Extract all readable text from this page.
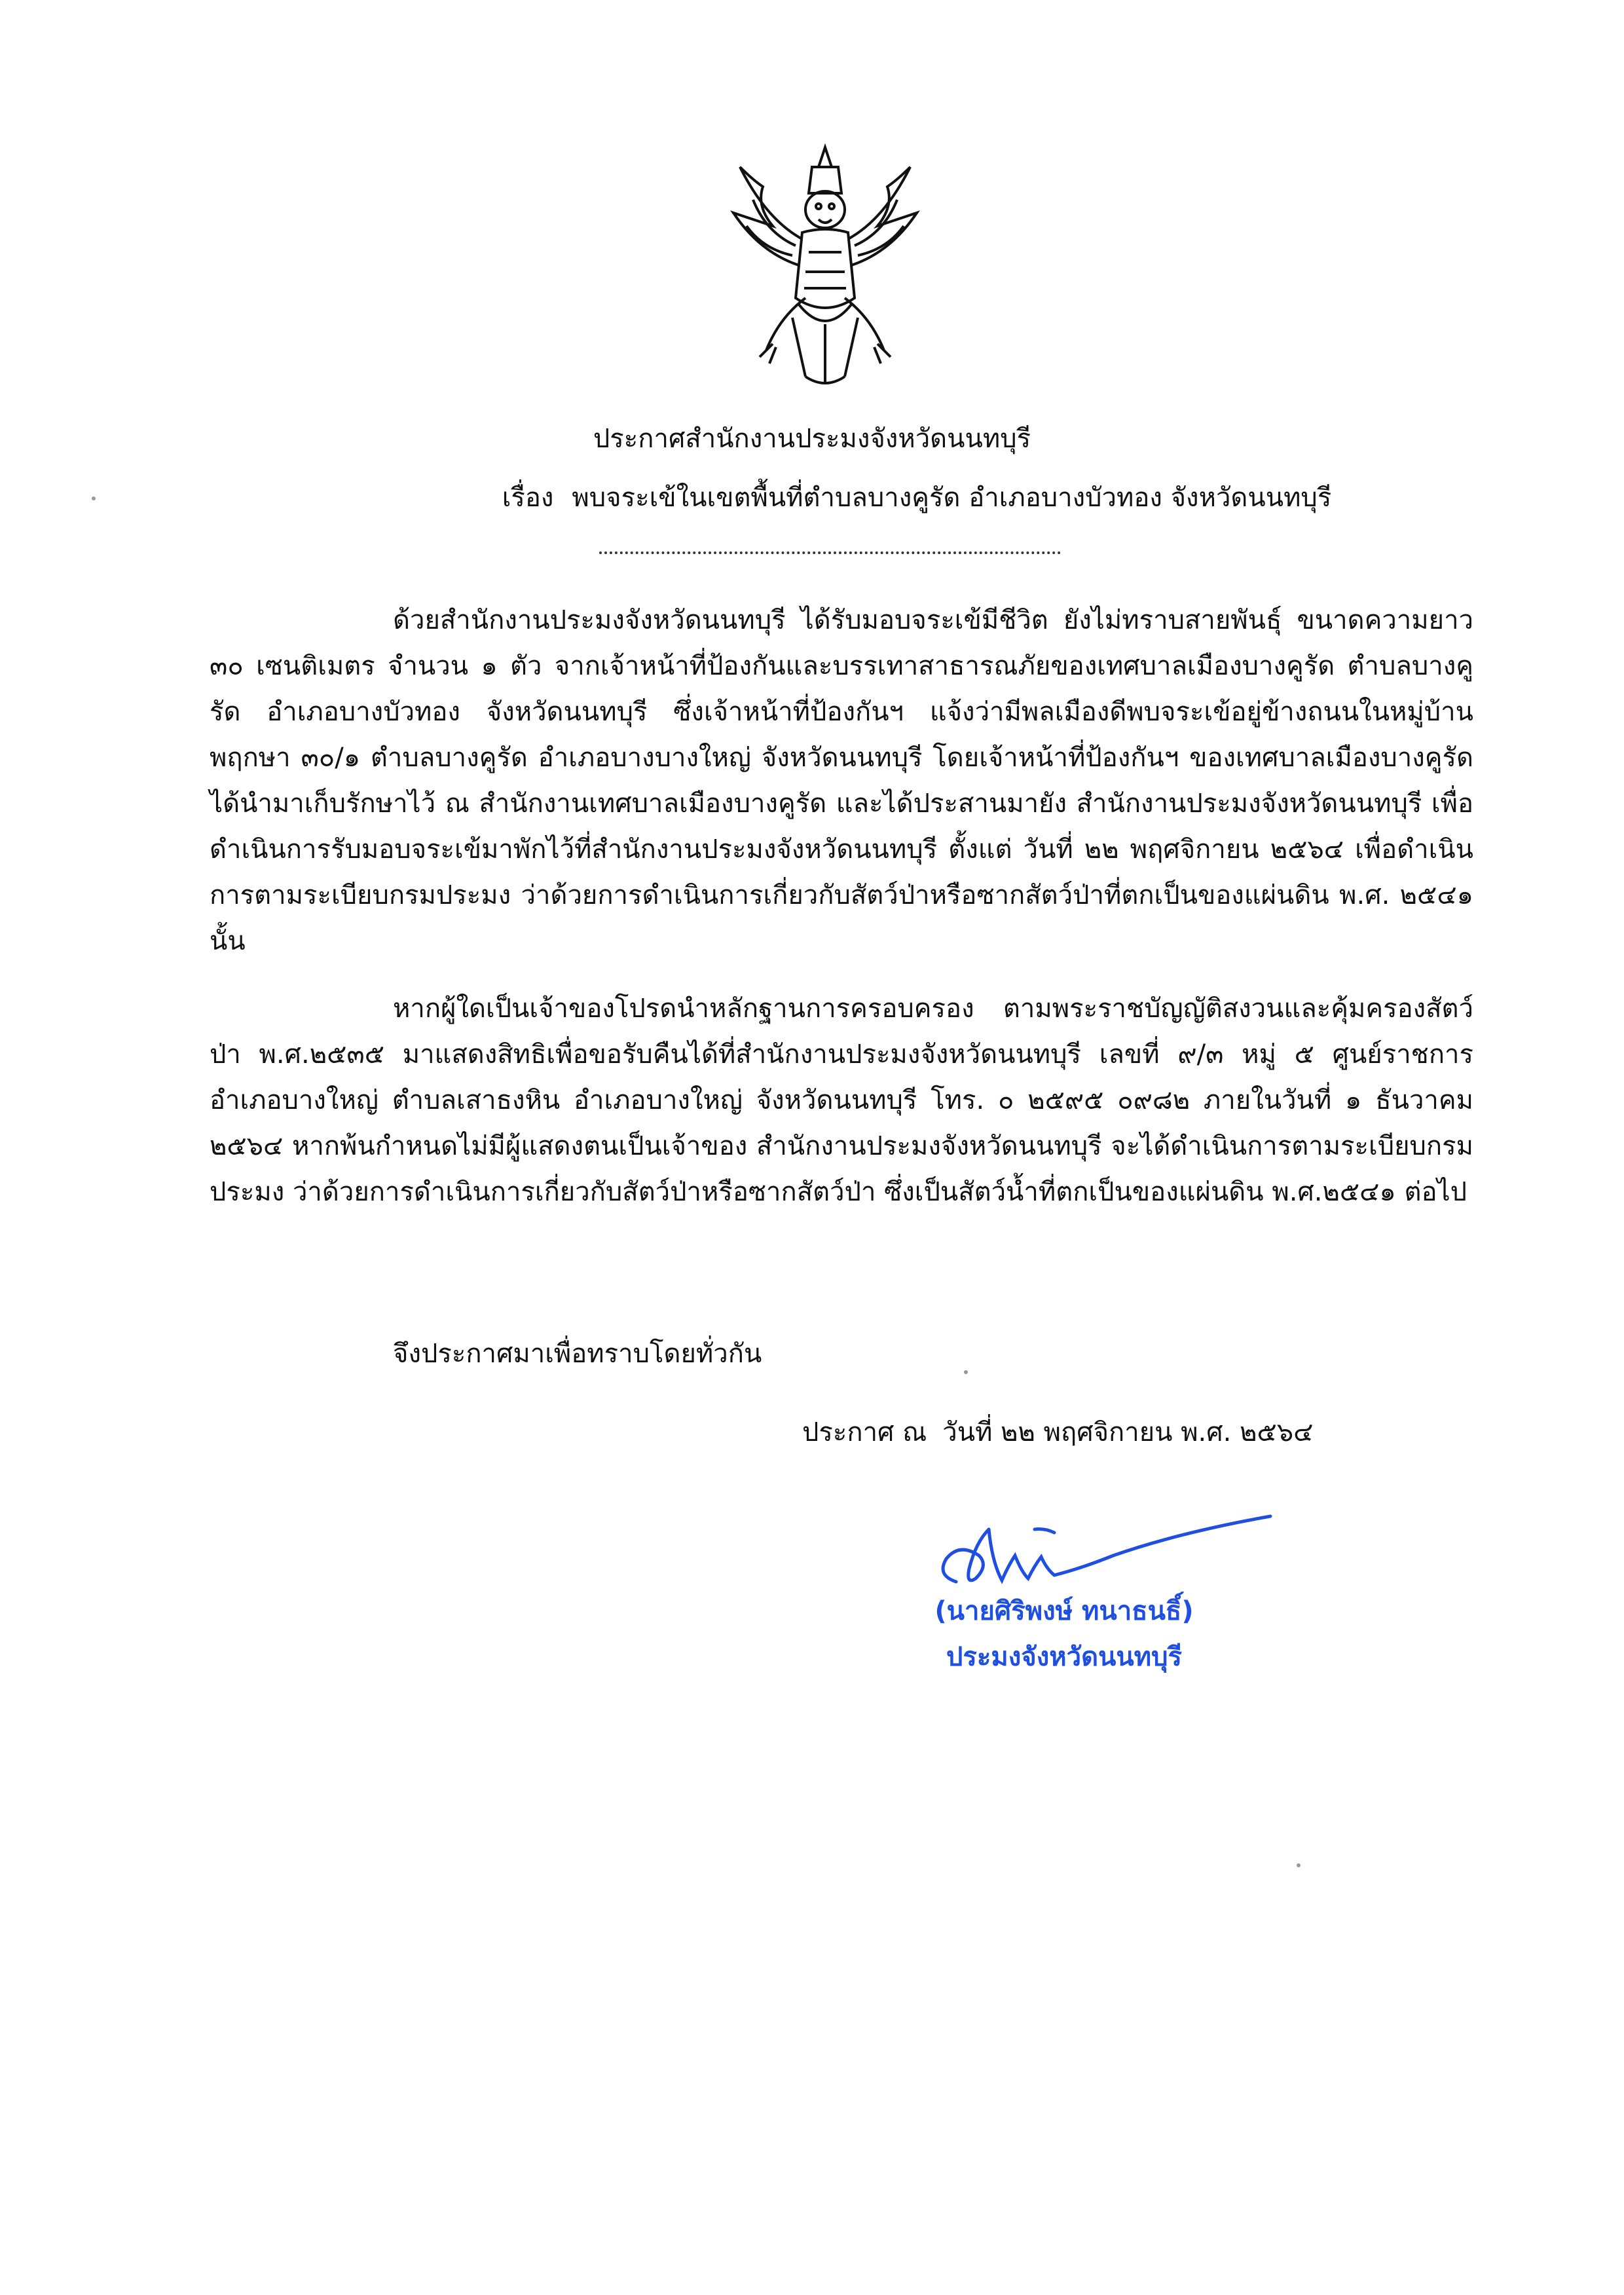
ประกาศสำนักงานประมงจังหวัดนนทบุรี
เรื่อง พบจระเข้ในเขตพื้นที่ตำบลบางคูรัด อำเภอบางบัวทอง จังหวัดนนทบุรี

ด้วยสำนักงานประมงจังหวัดนนทบุรี ได้รับมอบจระเข้มีชีวิต ยังไม่ทราบสายพันธุ์ ขนาดความยาว ๓๐ เซนติเมตร จำนวน ๑ ตัว จากเจ้าหน้าที่ป้องกันและบรรเทาสาธารณภัยของเทศบาลเมืองบางคูรัด ตำบลบางคูรัด อำเภอบางบัวทอง จังหวัดนนทบุรี ซึ่งเจ้าหน้าที่ป้องกันฯ แจ้งว่ามีพลเมืองดีพบจระเข้อยู่ข้างถนนในหมู่บ้านพฤกษา ๓๐/๑ ตำบลบางคูรัด อำเภอบางบางใหญ่ จังหวัดนนทบุรี โดยเจ้าหน้าที่ป้องกันฯ ของเทศบาลเมืองบางคูรัด ได้นำมาเก็บรักษาไว้ ณ สำนักงานเทศบาลเมืองบางคูรัด และได้ประสานมายัง สำนักงานประมงจังหวัดนนทบุรี เพื่อดำเนินการรับมอบจระเข้มาพักไว้ที่สำนักงานประมงจังหวัดนนทบุรี ตั้งแต่ วันที่ ๒๒ พฤศจิกายน ๒๕๖๔ เพื่อดำเนินการตามระเบียบกรมประมง ว่าด้วยการดำเนินการเกี่ยวกับสัตว์ป่าหรือซากสัตว์ป่าที่ตกเป็นของแผ่นดิน พ.ศ. ๒๕๔๑ นั้น

หากผู้ใดเป็นเจ้าของโปรดนำหลักฐานการครอบครอง ตามพระราชบัญญัติสงวนและคุ้มครองสัตว์ป่า พ.ศ.๒๕๓๕ มาแสดงสิทธิเพื่อขอรับคืนได้ที่สำนักงานประมงจังหวัดนนทบุรี เลขที่ ๙/๓ หมู่ ๕ ศูนย์ราชการอำเภอบางใหญ่ ตำบลเสาธงหิน อำเภอบางใหญ่ จังหวัดนนทบุรี โทร. ๐ ๒๕๙๕ ๐๙๘๒ ภายในวันที่ ๑ ธันวาคม ๒๕๖๔ หากพ้นกำหนดไม่มีผู้แสดงตนเป็นเจ้าของ สำนักงานประมงจังหวัดนนทบุรี จะได้ดำเนินการตามระเบียบกรมประมง ว่าด้วยการดำเนินการเกี่ยวกับสัตว์ป่าหรือซากสัตว์ป่า ซึ่งเป็นสัตว์น้ำที่ตกเป็นของแผ่นดิน พ.ศ.๒๕๔๑ ต่อไป

จึงประกาศมาเพื่อทราบโดยทั่วกัน
ประกาศ ณ วันที่ ๒๒ พฤศจิกายน พ.ศ. ๒๕๖๔
(นายศิริพงษ์ ทนาธนธิ์)
ประมงจังหวัดนนทบุรี
